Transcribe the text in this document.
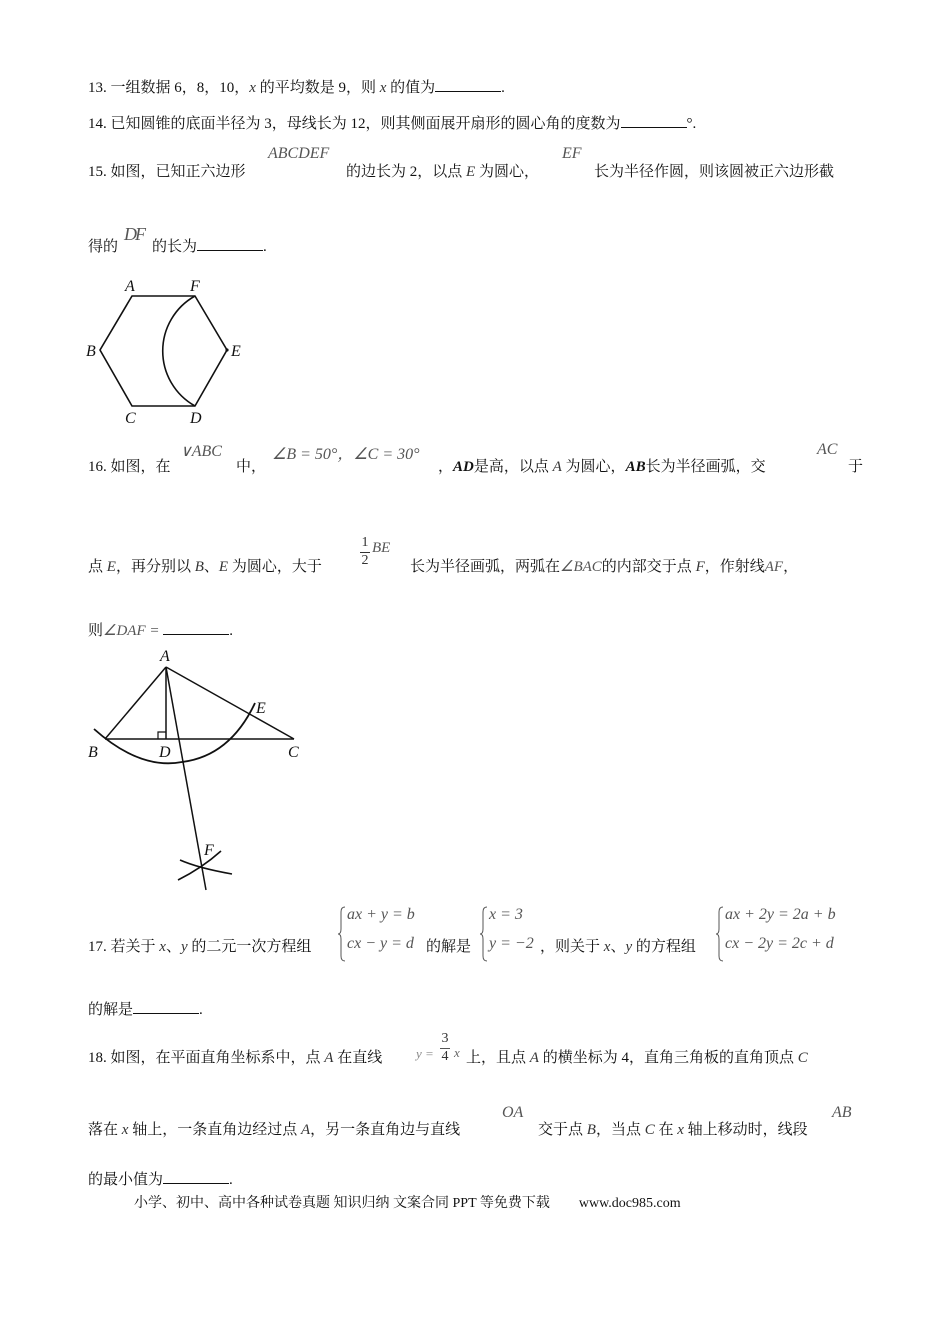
13. 一组数据 6，8，10，x 的平均数是 9，则 x 的值为	.
14. 已知圆锥的底面半径为 3，母线长为 12，则其侧面展开扇形的圆心角的度数为	°.
15. 如图，已知正六边形
ABCDEF
的边长为 2，以点 E 为圆心，
EF
长为半径作圆，则该圆被正六边形截
得的
DF
的长为	.
A	F
B	E
C	D
16. 如图，在
∨ABC
中，
∠B = 50°，∠C = 30°
，AD是高，以点 A 为圆心，AB长为半径画弧，交
AC
于
点 E，再分别以 B、E 为圆心，大于
1
2
BE
长为半径画弧，两弧在∠BAC的内部交于点 F，作射线AF，
则∠DAF =	.
A
B	D	C
E
F
17. 若关于 x、y 的二元一次方程组
ax + y = b
cx − y = d 的解是
x = 3
y = −2 ，则关于 x、y 的方程组
ax + 2y = 2a + b
cx − 2y = 2c + d
的解是	.
18. 如图，在平面直角坐标系中，点 A 在直线	y =
3
4 x 上，且点 A 的横坐标为 4，直角三角板的直角顶点 C
落在 x 轴上，一条直角边经过点 A，另一条直角边与直线
OA
交于点 B，当点 C 在 x 轴上移动时，线段
AB
的最小值为	.
小学、初中、高中各种试卷真题 知识归纳 文案合同 PPT 等免费下载 www.doc985.com
